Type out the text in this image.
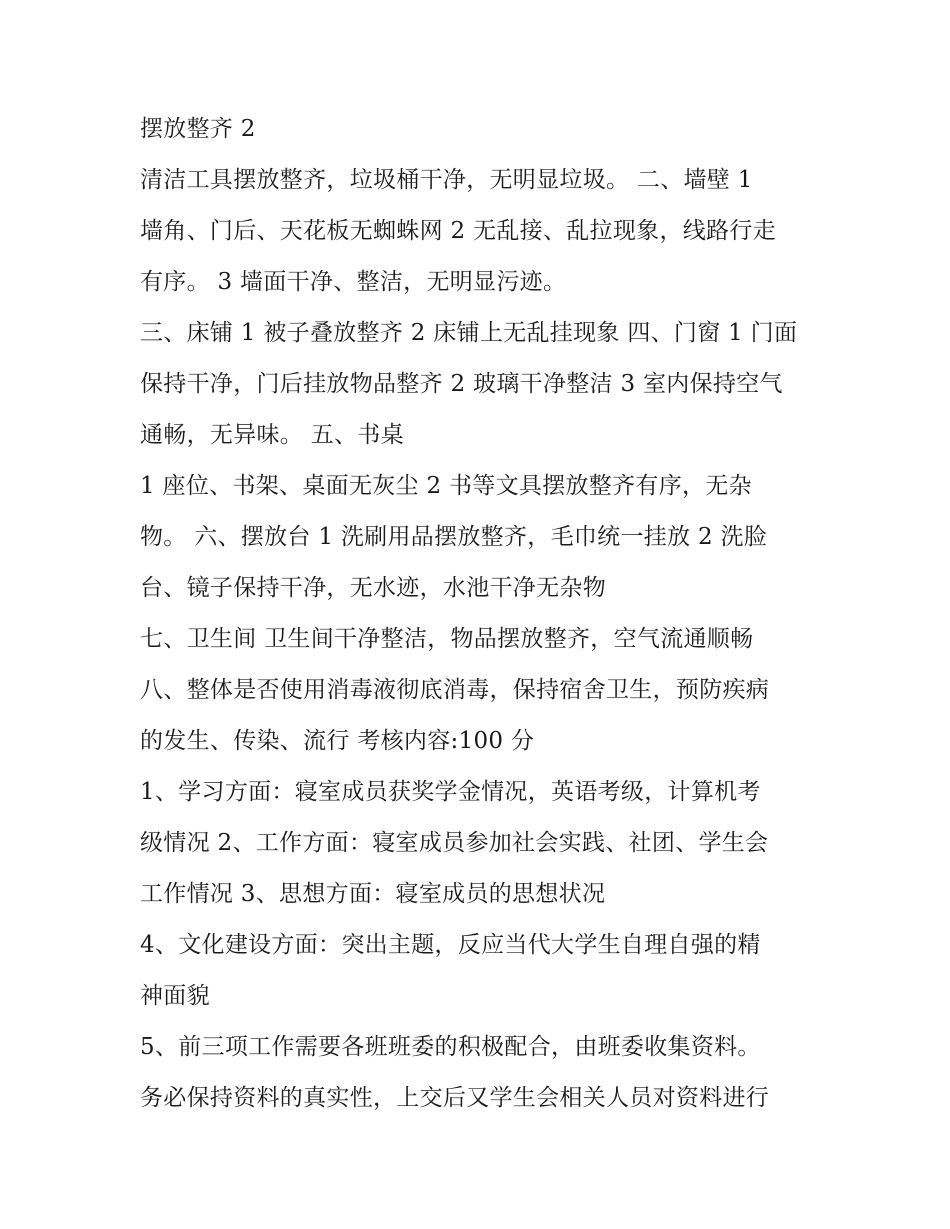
摆放整齐 2
清洁工具摆放整齐，垃圾桶干净，无明显垃圾。 二、墙壁 1
墙角、门后、天花板无蜘蛛网 2 无乱接、乱拉现象，线路行走
有序。 3 墙面干净、整洁，无明显污迹。
三、床铺 1 被子叠放整齐 2 床铺上无乱挂现象 四、门窗 1 门面
保持干净，门后挂放物品整齐 2 玻璃干净整洁 3 室内保持空气
通畅，无异味。 五、书桌
1 座位、书架、桌面无灰尘 2 书等文具摆放整齐有序，无杂
物。 六、摆放台 1 洗刷用品摆放整齐，毛巾统一挂放 2 洗脸
台、镜子保持干净，无水迹，水池干净无杂物
七、卫生间 卫生间干净整洁，物品摆放整齐，空气流通顺畅
八、整体是否使用消毒液彻底消毒，保持宿舍卫生，预防疾病
的发生、传染、流行 考核内容:100 分
1、学习方面：寝室成员获奖学金情况，英语考级，计算机考
级情况 2、工作方面：寝室成员参加社会实践、社团、学生会
工作情况 3、思想方面：寝室成员的思想状况
4、文化建设方面：突出主题，反应当代大学生自理自强的精
神面貌
5、前三项工作需要各班班委的积极配合，由班委收集资料。
务必保持资料的真实性，上交后又学生会相关人员对资料进行
